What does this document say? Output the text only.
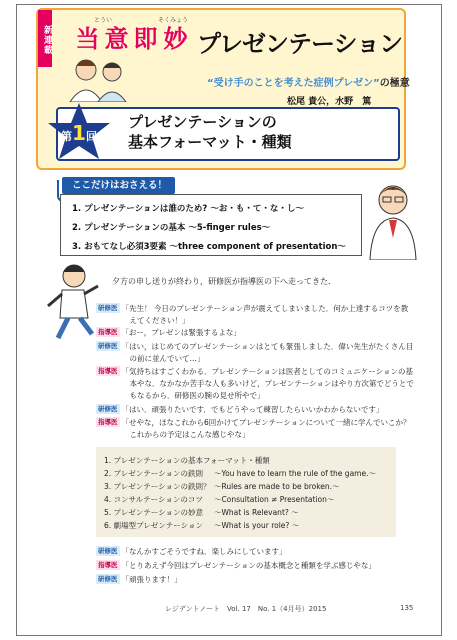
新連載
とうい	そくみょう
当 意 即 妙 プレゼンテーション
“受け手のことを考えた症例プレゼン”の極意
松尾 貴公，水野　篤
第1回
プレゼンテーションの
基本フォーマット・種類
ここだけはおさえる！
1. プレゼンテーションは誰のため? 〜お・も・て・な・し〜
2. プレゼンテーションの基本 〜5-finger rules〜
3. おもてなし必須3要素 〜three component of presentation〜
夕方の申し送りが終わり，研修医が指導医の下へ走ってきた．
研修医 「先生！ 今日のプレゼンテーション声が震えてしまいました．何か上達するコツを教
　えてください！」
指導医 「おー，プレゼンは緊張するよな」
研修医 「はい，はじめてのプレゼンテーションはとても緊張しました．偉い先生がたくさん目
　の前に並んでいて…」
指導医 「気持ちはすごくわかる．プレゼンテーションは医者としてのコミュニケーションの基
　本やな．なかなか苦手な人も多いけど，プレゼンテーションはやり方次第でどうとで
　もなるから．研修医の腕の見せ所やで」
研修医 「はい．頑張りたいです．でもどうやって練習したらいいかわからないです」
指導医 「せやな，ほなこれから6回かけてプレゼンテーションについて一緒に学んでいこか？
　これからの予定はこんな感じやな」
1. プレゼンテーションの基本フォーマット・種類
2. プレゼンテーションの鉄則 〜You have to learn the rule of the game.〜
3. プレゼンテーションの鉄則？ 〜Rules are made to be broken.〜
4. コンサルテーションのコツ 〜Consultation ≠ Presentation〜
5. プレゼンテーションの妙意 〜What is Relevant? 〜
6. 劇場型プレゼンテーション 〜What is your role? 〜
研修医 「なんかすごそうですね．楽しみにしています」
指導医 「とりあえず今回はプレゼンテーションの基本概念と種類を学ぶ感じやな」
研修医 「頑張ります！」
レジデントノート　Vol. 17　No. 1（4月号）2015	135
